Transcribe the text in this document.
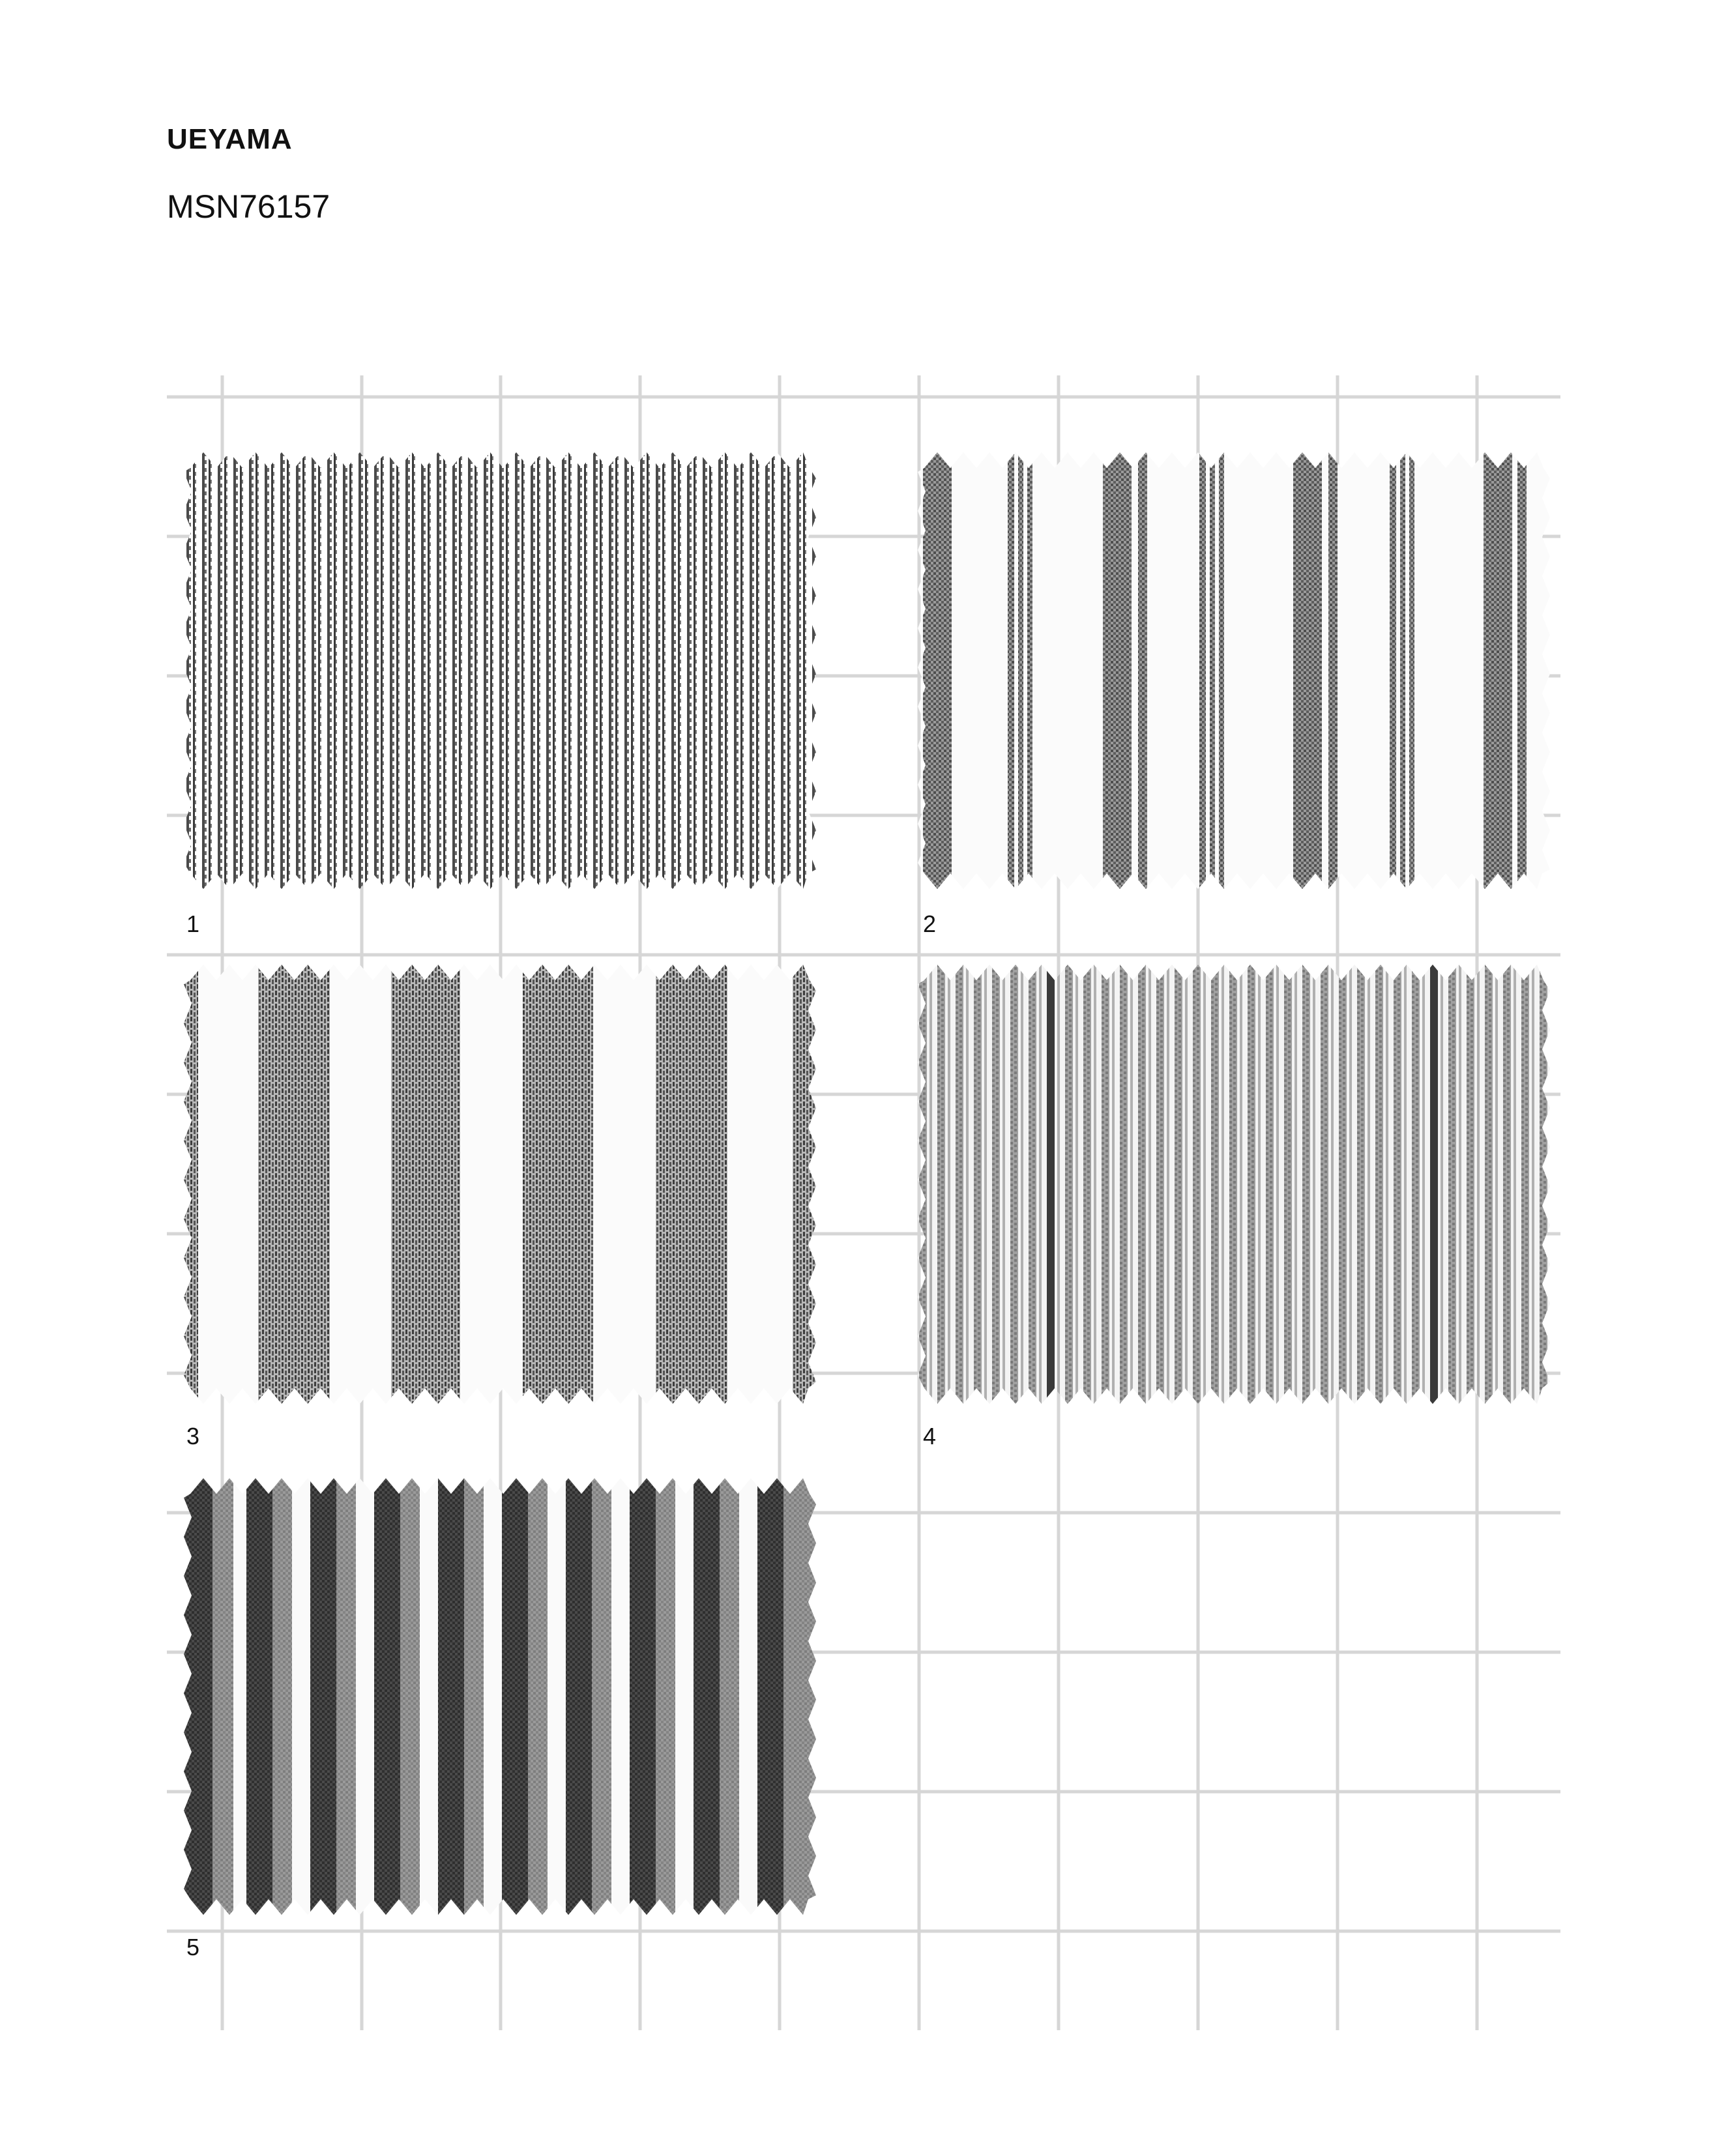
UEYAMA
MSN76157
1	2
3	4
5
